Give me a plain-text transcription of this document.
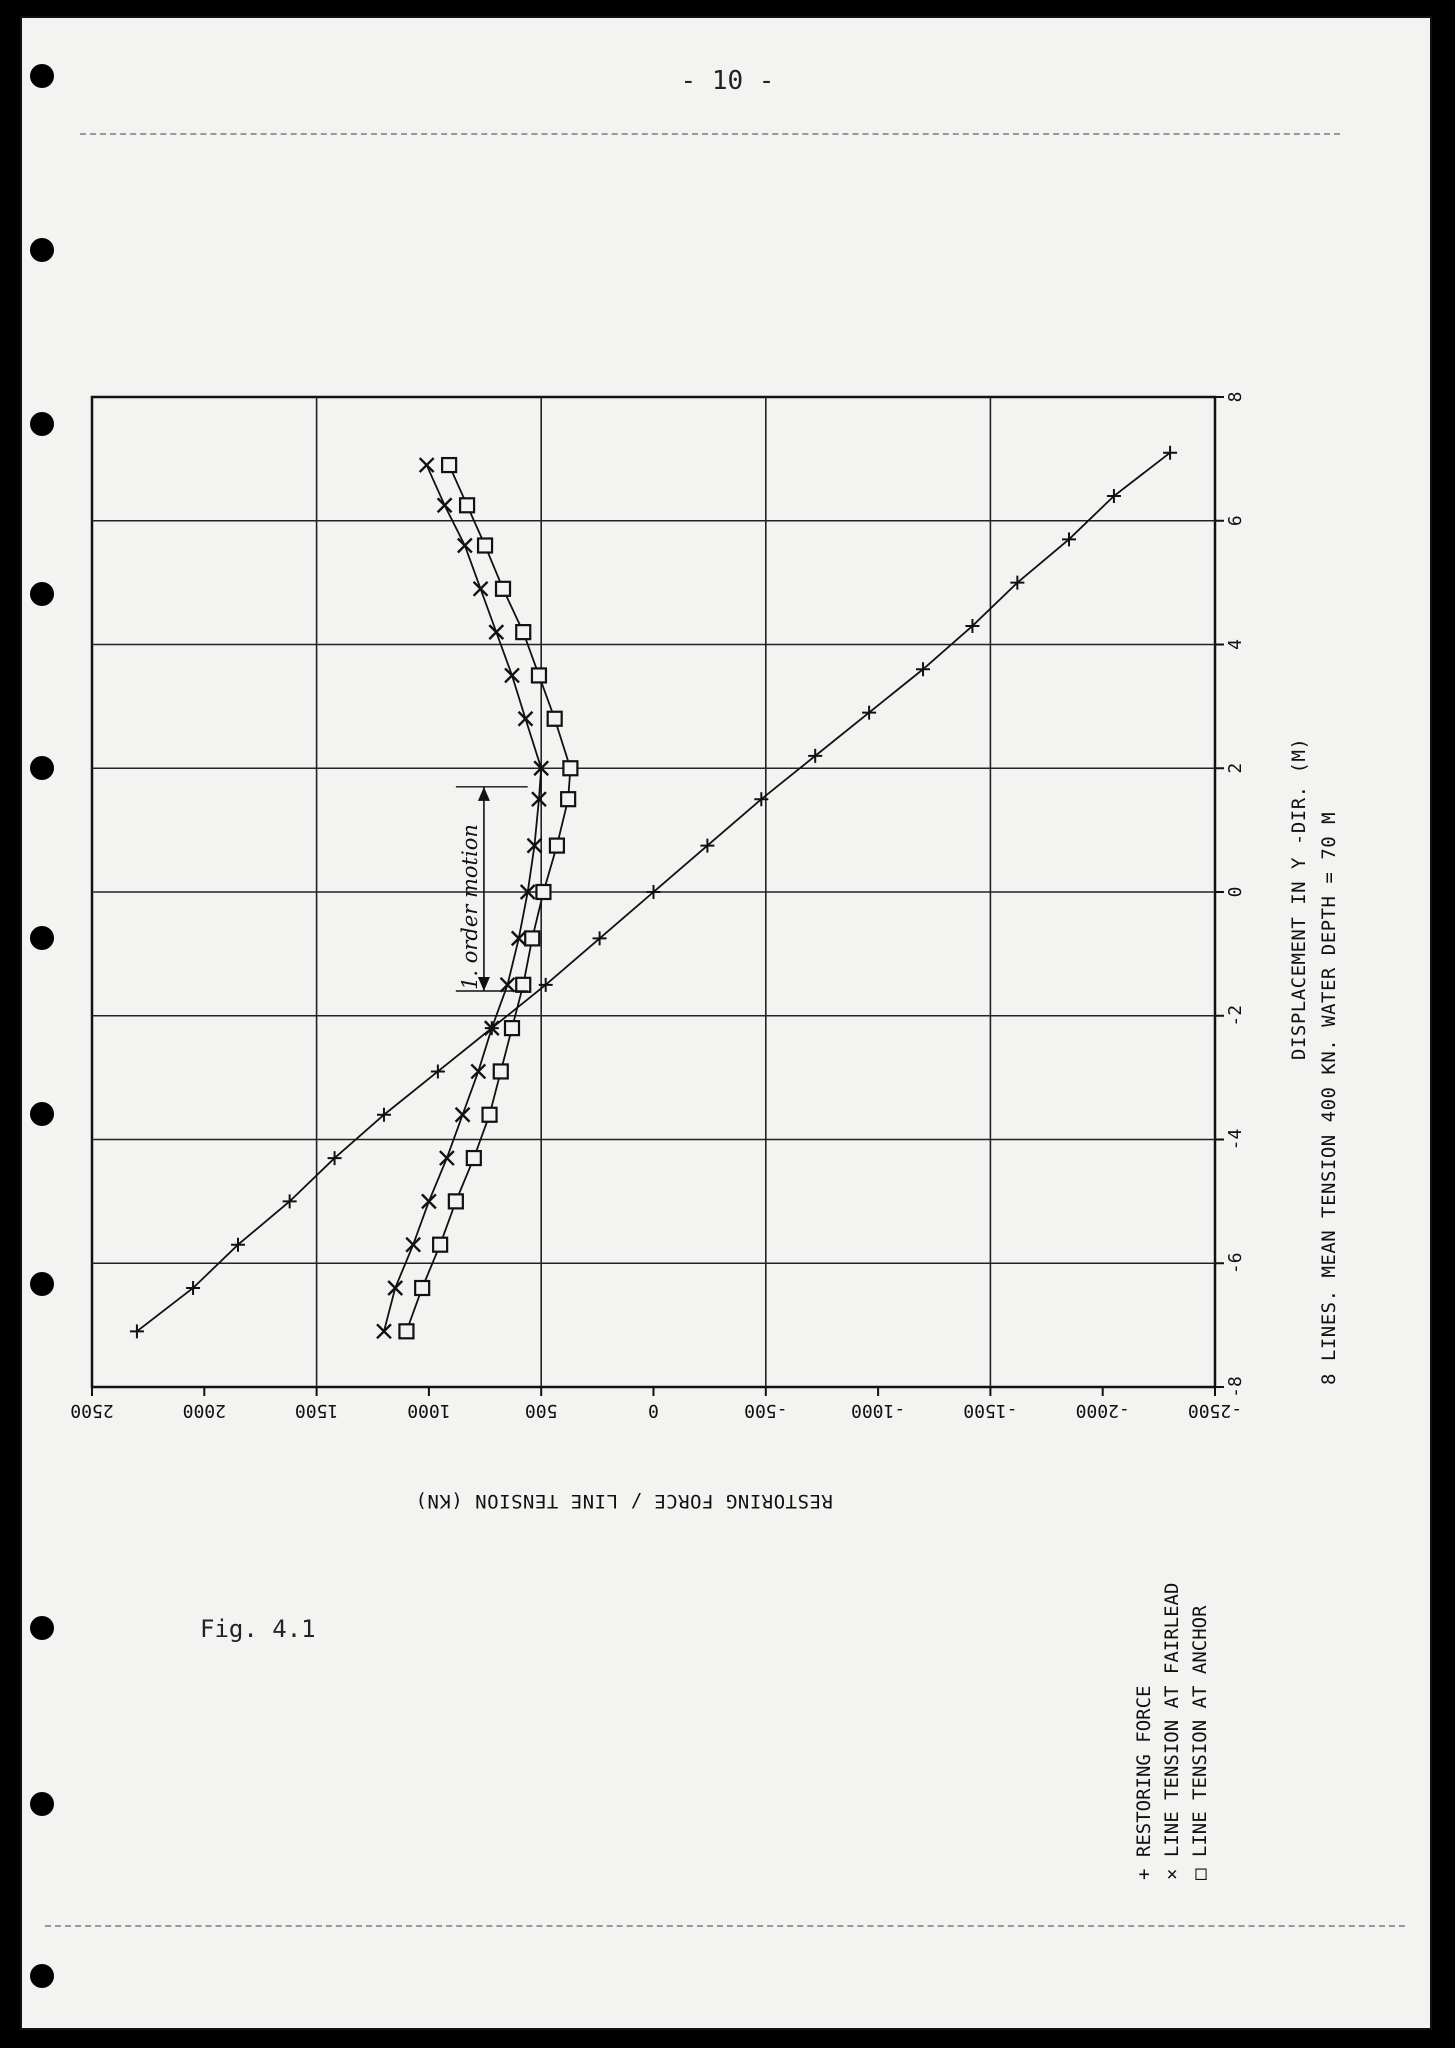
- 10 -
2500	2000	1500	1000	500	0	-500	-1000	-1500	-2000	-2500
-8
-6
-4
-2
0
2
4
6
8
8 LINES. MEAN TENSION 400 KN. WATER DEPTH = 70 M
DISPLACEMENT IN Y -DIR. (M)
RESTORING FORCE / LINE TENSION (KN)
1. order motion
+ RESTORING FORCE
× LINE TENSION AT FAIRLEAD
□ LINE TENSION AT ANCHOR
Fig. 4.1
